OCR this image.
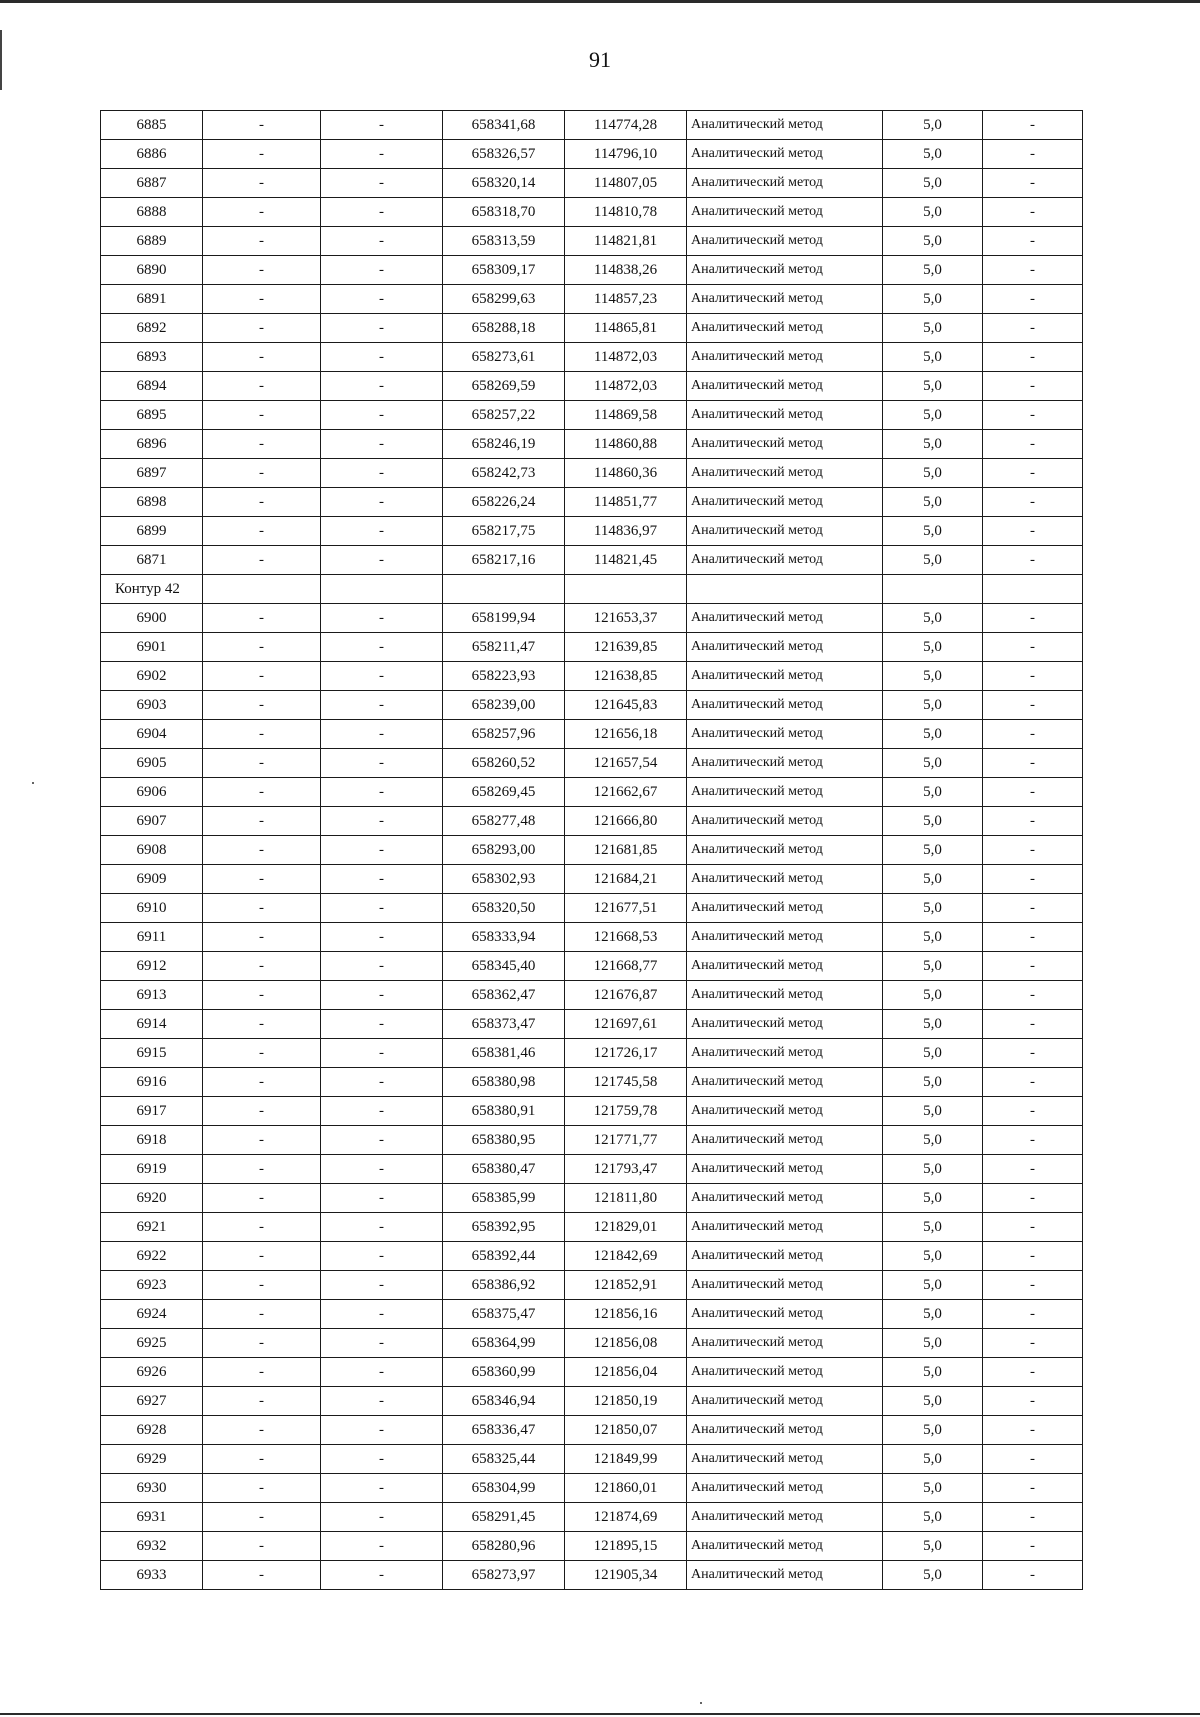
91
6885	-	-	658341,68	114774,28	Аналитический метод	5,0	-
6886	-	-	658326,57	114796,10	Аналитический метод	5,0	-
6887	-	-	658320,14	114807,05	Аналитический метод	5,0	-
6888	-	-	658318,70	114810,78	Аналитический метод	5,0	-
6889	-	-	658313,59	114821,81	Аналитический метод	5,0	-
6890	-	-	658309,17	114838,26	Аналитический метод	5,0	-
6891	-	-	658299,63	114857,23	Аналитический метод	5,0	-
6892	-	-	658288,18	114865,81	Аналитический метод	5,0	-
6893	-	-	658273,61	114872,03	Аналитический метод	5,0	-
6894	-	-	658269,59	114872,03	Аналитический метод	5,0	-
6895	-	-	658257,22	114869,58	Аналитический метод	5,0	-
6896	-	-	658246,19	114860,88	Аналитический метод	5,0	-
6897	-	-	658242,73	114860,36	Аналитический метод	5,0	-
6898	-	-	658226,24	114851,77	Аналитический метод	5,0	-
6899	-	-	658217,75	114836,97	Аналитический метод	5,0	-
6871	-	-	658217,16	114821,45	Аналитический метод	5,0	-
Контур 42							
6900	-	-	658199,94	121653,37	Аналитический метод	5,0	-
6901	-	-	658211,47	121639,85	Аналитический метод	5,0	-
6902	-	-	658223,93	121638,85	Аналитический метод	5,0	-
6903	-	-	658239,00	121645,83	Аналитический метод	5,0	-
6904	-	-	658257,96	121656,18	Аналитический метод	5,0	-
6905	-	-	658260,52	121657,54	Аналитический метод	5,0	-
6906	-	-	658269,45	121662,67	Аналитический метод	5,0	-
6907	-	-	658277,48	121666,80	Аналитический метод	5,0	-
6908	-	-	658293,00	121681,85	Аналитический метод	5,0	-
6909	-	-	658302,93	121684,21	Аналитический метод	5,0	-
6910	-	-	658320,50	121677,51	Аналитический метод	5,0	-
6911	-	-	658333,94	121668,53	Аналитический метод	5,0	-
6912	-	-	658345,40	121668,77	Аналитический метод	5,0	-
6913	-	-	658362,47	121676,87	Аналитический метод	5,0	-
6914	-	-	658373,47	121697,61	Аналитический метод	5,0	-
6915	-	-	658381,46	121726,17	Аналитический метод	5,0	-
6916	-	-	658380,98	121745,58	Аналитический метод	5,0	-
6917	-	-	658380,91	121759,78	Аналитический метод	5,0	-
6918	-	-	658380,95	121771,77	Аналитический метод	5,0	-
6919	-	-	658380,47	121793,47	Аналитический метод	5,0	-
6920	-	-	658385,99	121811,80	Аналитический метод	5,0	-
6921	-	-	658392,95	121829,01	Аналитический метод	5,0	-
6922	-	-	658392,44	121842,69	Аналитический метод	5,0	-
6923	-	-	658386,92	121852,91	Аналитический метод	5,0	-
6924	-	-	658375,47	121856,16	Аналитический метод	5,0	-
6925	-	-	658364,99	121856,08	Аналитический метод	5,0	-
6926	-	-	658360,99	121856,04	Аналитический метод	5,0	-
6927	-	-	658346,94	121850,19	Аналитический метод	5,0	-
6928	-	-	658336,47	121850,07	Аналитический метод	5,0	-
6929	-	-	658325,44	121849,99	Аналитический метод	5,0	-
6930	-	-	658304,99	121860,01	Аналитический метод	5,0	-
6931	-	-	658291,45	121874,69	Аналитический метод	5,0	-
6932	-	-	658280,96	121895,15	Аналитический метод	5,0	-
6933	-	-	658273,97	121905,34	Аналитический метод	5,0	-
